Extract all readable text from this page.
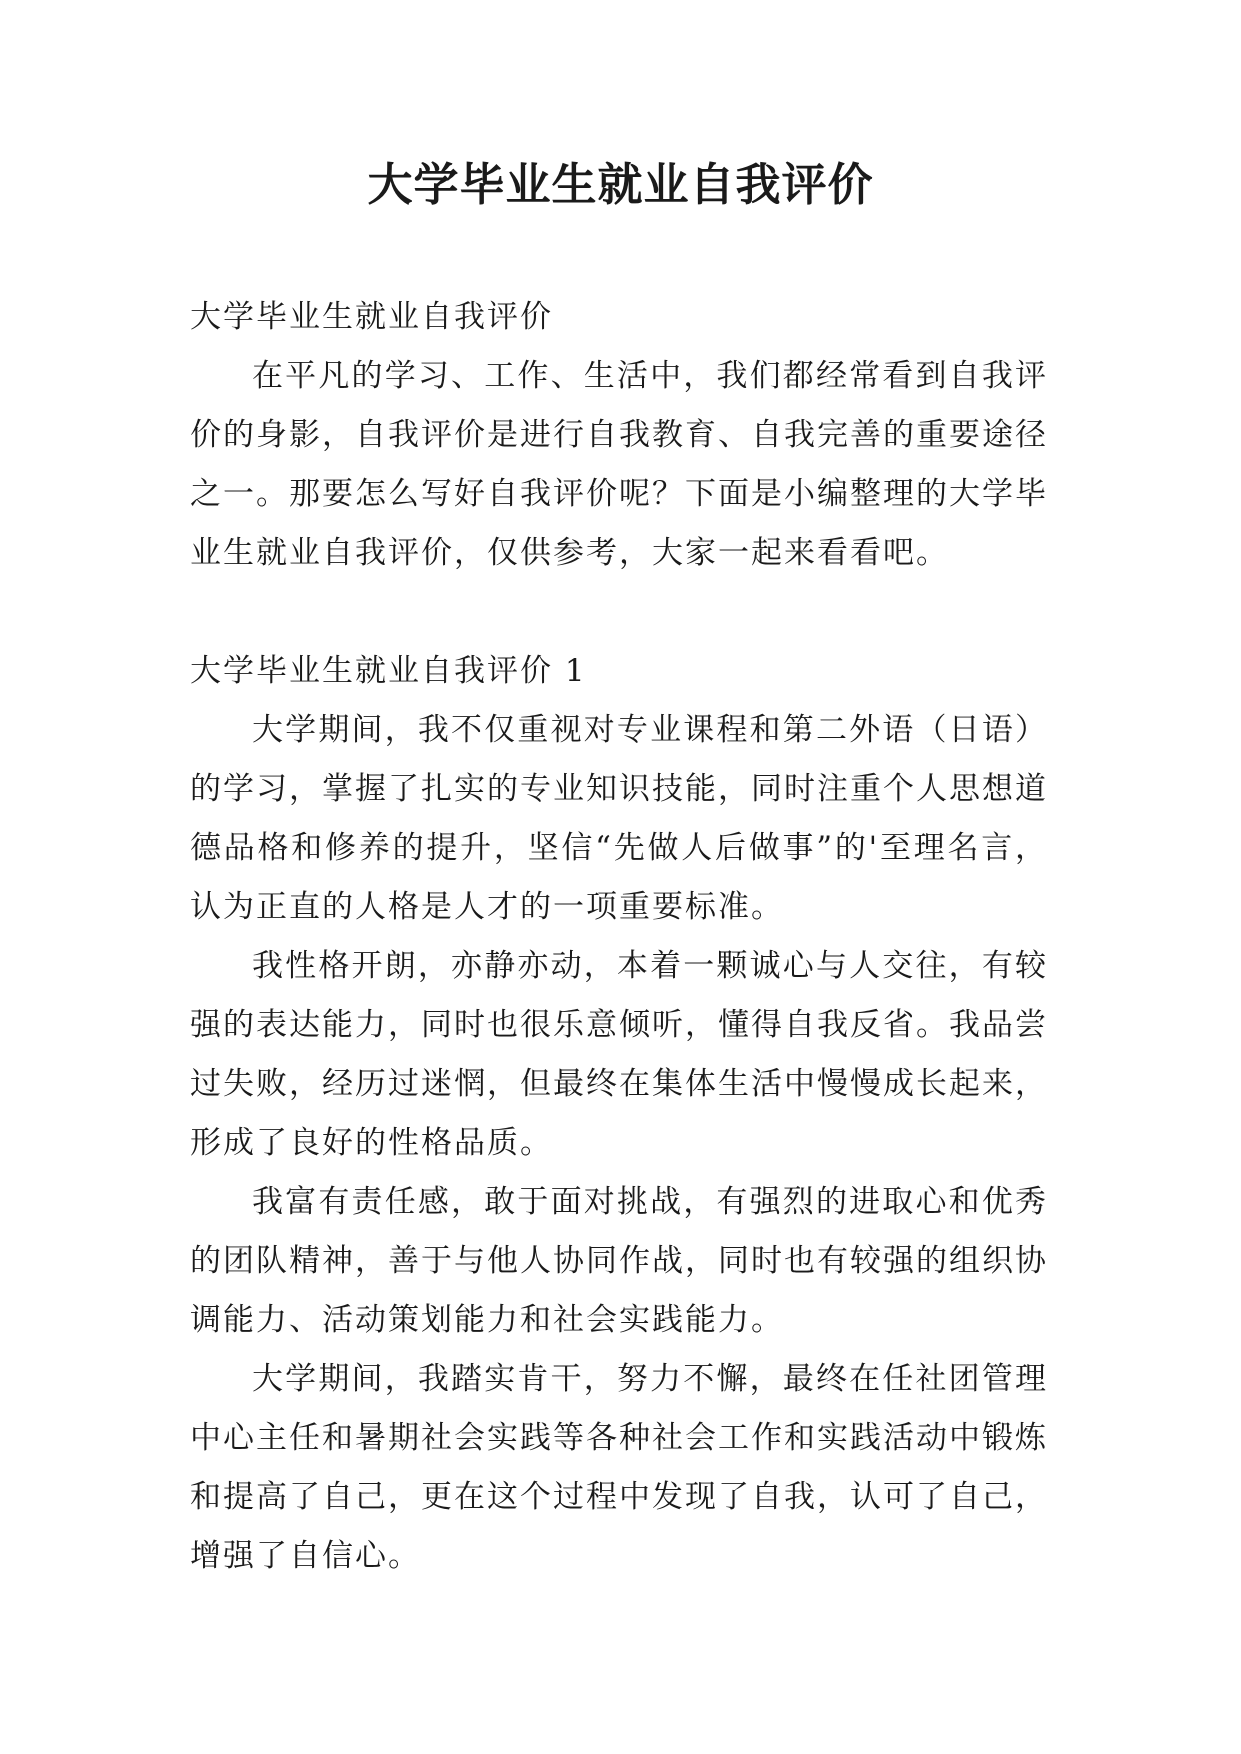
大学毕业生就业自我评价
大学毕业生就业自我评价

在平凡的学习、工作、生活中，我们都经常看到自我评价的身影，自我评价是进行自我教育、自我完善的重要途径之一。那要怎么写好自我评价呢？下面是小编整理的大学毕业生就业自我评价，仅供参考，大家一起来看看吧。

大学毕业生就业自我评价 1

大学期间，我不仅重视对专业课程和第二外语（日语）的学习，掌握了扎实的专业知识技能，同时注重个人思想道德品格和修养的提升，坚信“先做人后做事”的'至理名言，认为正直的人格是人才的一项重要标准。

我性格开朗，亦静亦动，本着一颗诚心与人交往，有较强的表达能力，同时也很乐意倾听，懂得自我反省。我品尝过失败，经历过迷惘，但最终在集体生活中慢慢成长起来，形成了良好的性格品质。

我富有责任感，敢于面对挑战，有强烈的进取心和优秀的团队精神，善于与他人协同作战，同时也有较强的组织协调能力、活动策划能力和社会实践能力。

大学期间，我踏实肯干，努力不懈，最终在任社团管理中心主任和暑期社会实践等各种社会工作和实践活动中锻炼和提高了自己，更在这个过程中发现了自我，认可了自己，增强了自信心。
